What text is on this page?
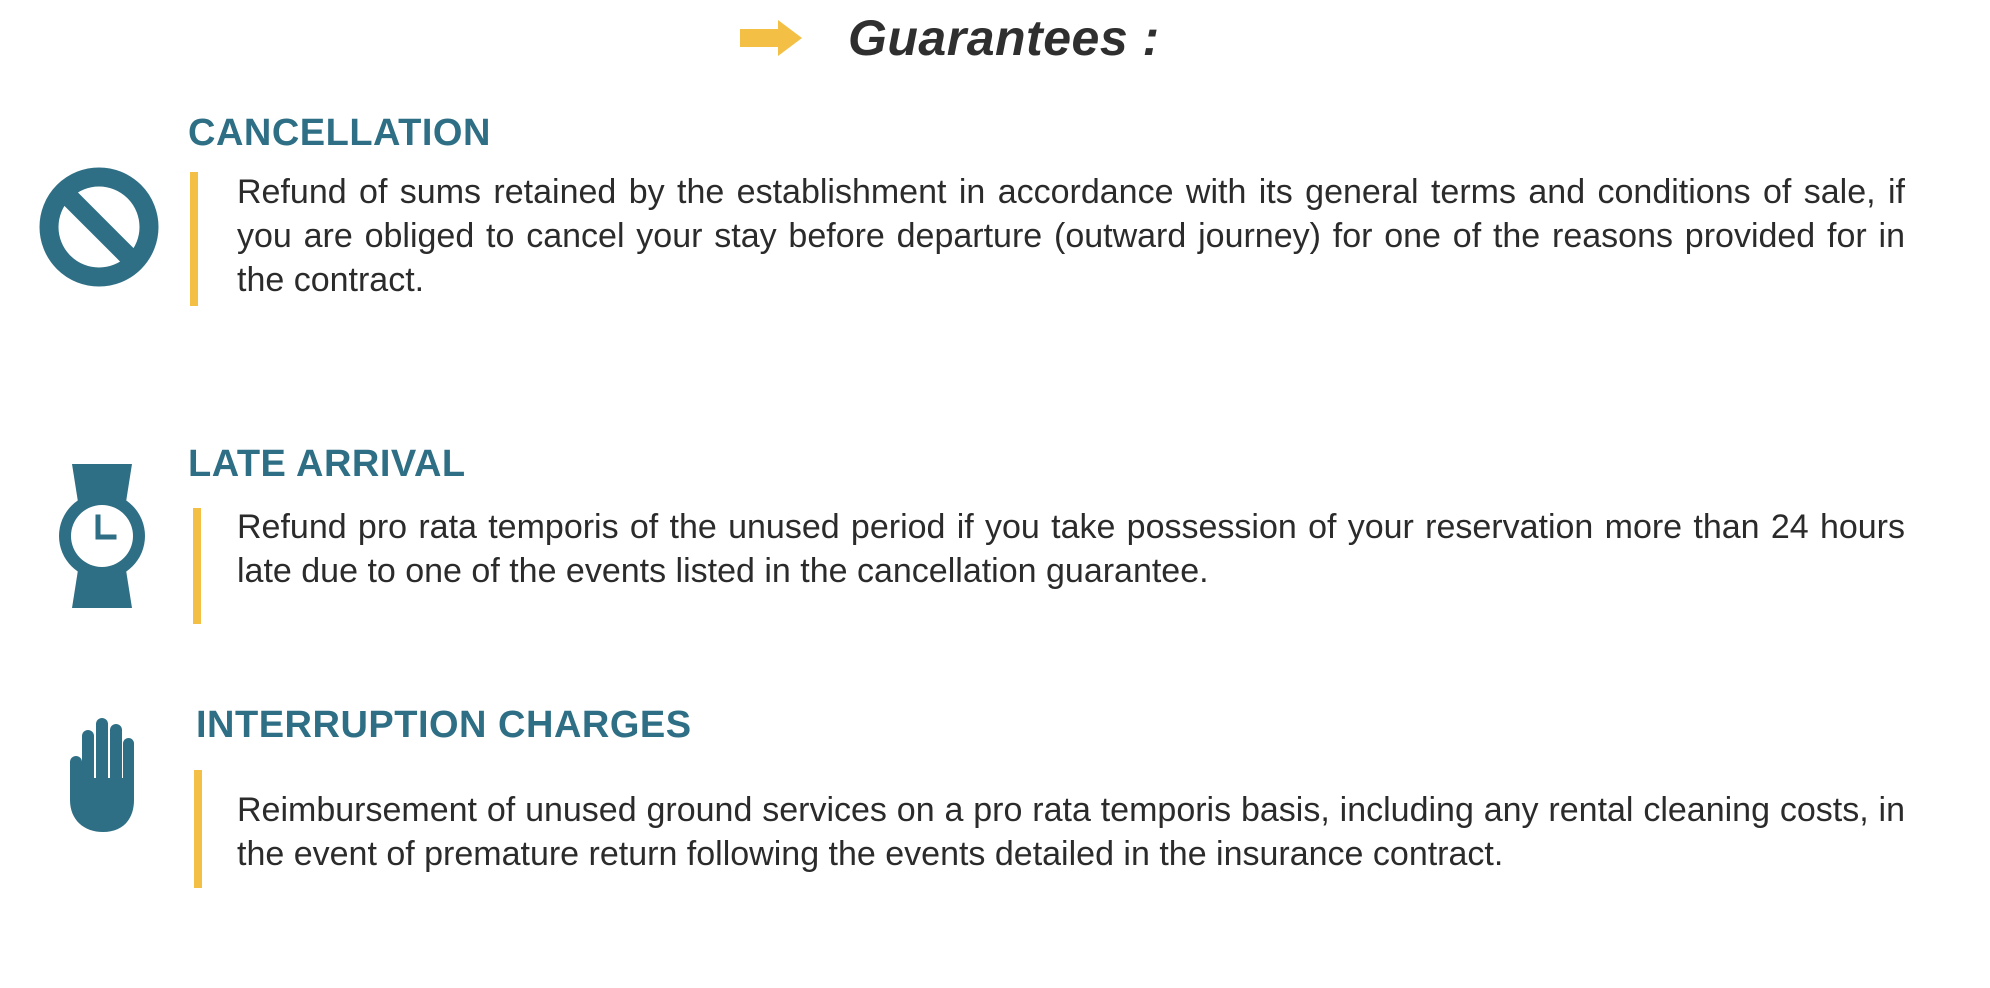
Guarantees :
CANCELLATION
Refund of sums retained by the establishment in accordance with its general terms and conditions of sale, if you are obliged to cancel your stay before departure (outward journey) for one of the reasons provided for in the contract.
LATE ARRIVAL
Refund pro rata temporis of the unused period if you take possession of your reservation more than 24 hours late due to one of the events listed in the cancellation guarantee.
INTERRUPTION CHARGES
Reimbursement of unused ground services on a pro rata temporis basis, including any rental cleaning costs, in the event of premature return following the events detailed in the insurance contract.
